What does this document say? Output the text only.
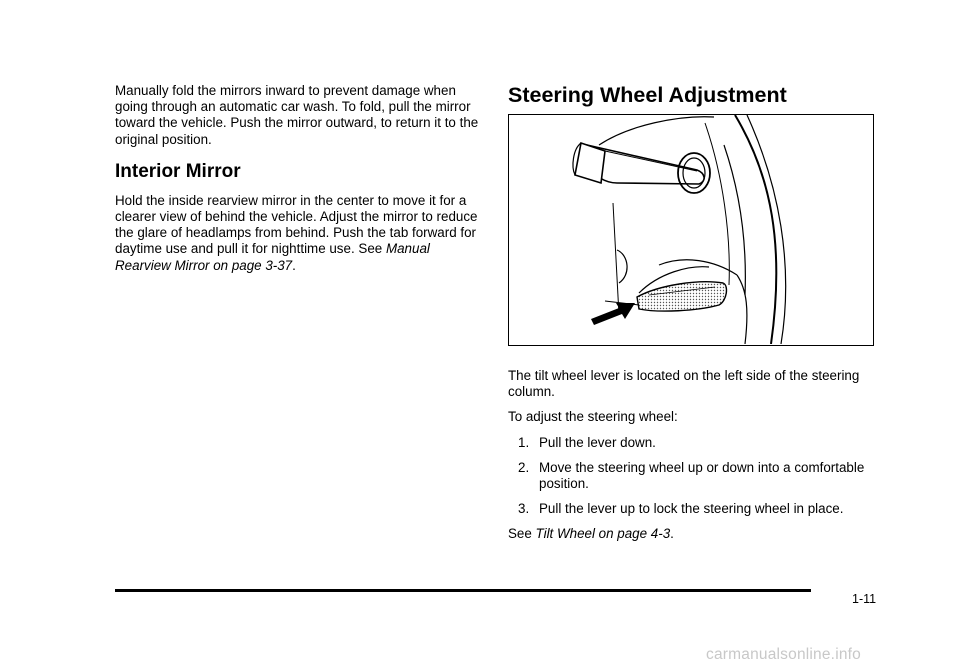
Manually fold the mirrors inward to prevent damage when going through an automatic car wash. To fold, pull the mirror toward the vehicle. Push the mirror outward, to return it to the original position.

Interior Mirror

Hold the inside rearview mirror in the center to move it for a clearer view of behind the vehicle. Adjust the mirror to reduce the glare of headlamps from behind. Push the tab forward for daytime use and pull it for nighttime use. See Manual Rearview Mirror on page 3-37.

Steering Wheel Adjustment

The tilt wheel lever is located on the left side of the steering column.

To adjust the steering wheel:

1. Pull the lever down.
2. Move the steering wheel up or down into a comfortable position.
3. Pull the lever up to lock the steering wheel in place.

See Tilt Wheel on page 4-3.

1-11
carmanualsonline.info
